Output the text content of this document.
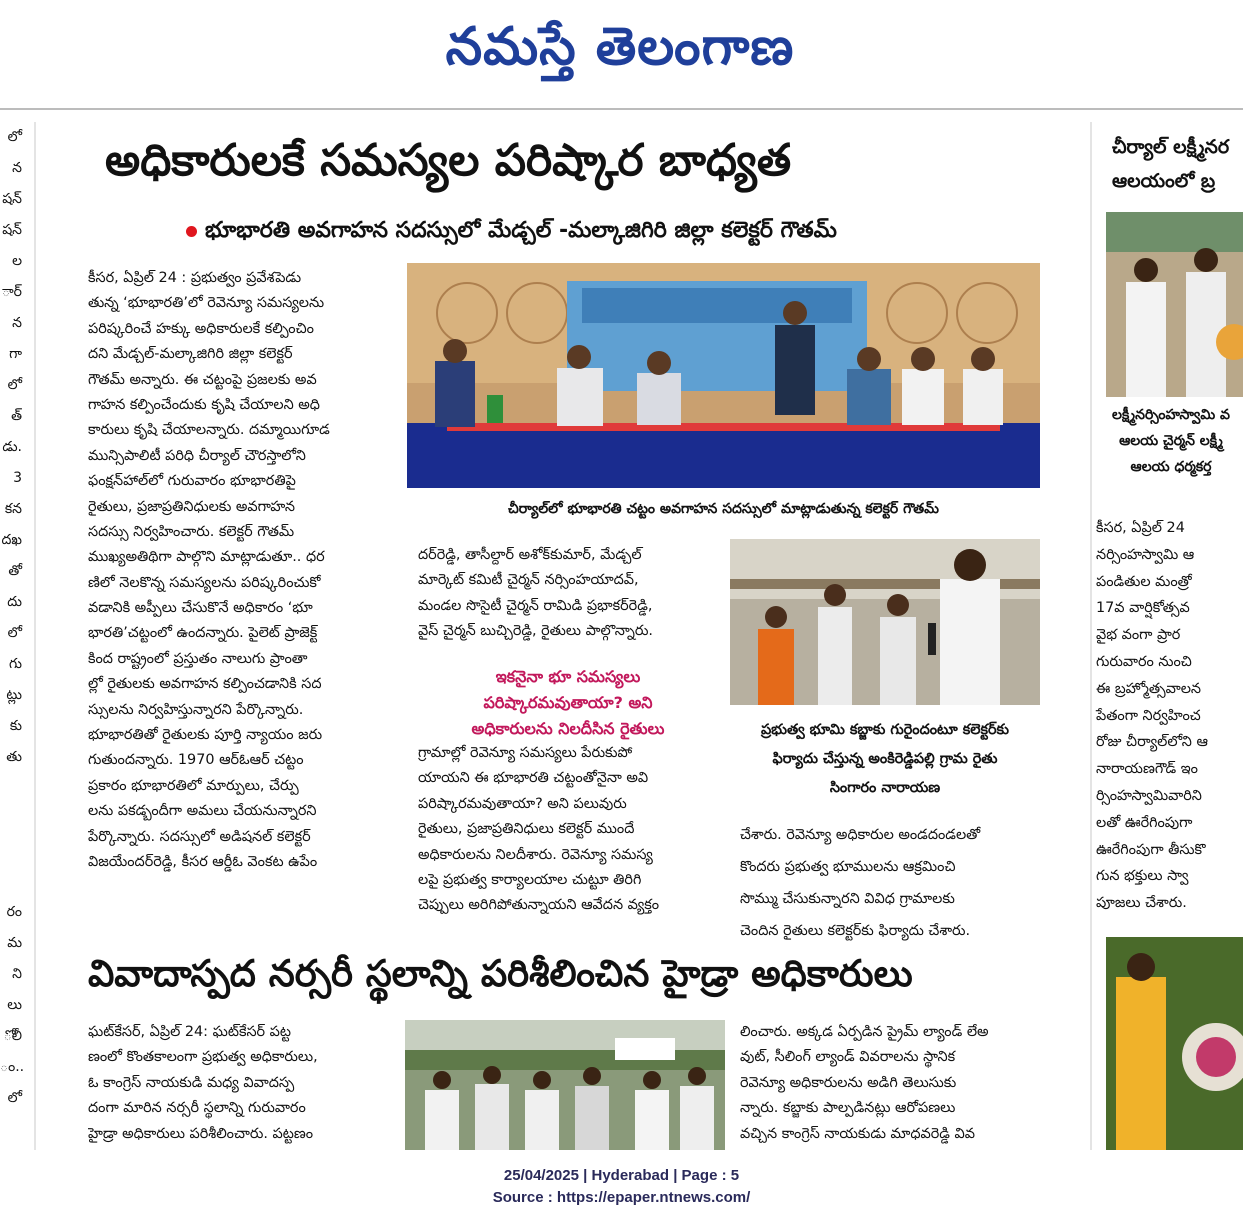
నమస్తే తెలంగాణ
లో
న
షన్
షన్
ల
ార్
న
గా
లో
త్
డు.
3
కన
దఖ
తో
దు
లో
గు
ట్లు
కు
తు
రం
మ
ని
లు
ోలీ
ం..
లో
అధికారులకే సమస్యల పరిష్కార బాధ్యత
భూభారతి అవగాహన సదస్సులో మేడ్చల్ -మల్కాజిగిరి జిల్లా కలెక్టర్ గౌతమ్
కీసర, ఏప్రిల్ 24 : ప్రభుత్వం ప్రవేశపెడు
తున్న ‘భూభారతి’లో రెవెన్యూ సమస్యలను
పరిష్కరించే హక్కు అధికారులకే కల్పించిం
దని మేడ్చల్-మల్కాజిగిరి జిల్లా కలెక్టర్
గౌతమ్ అన్నారు. ఈ చట్టంపై ప్రజలకు అవ
గాహన కల్పించేందుకు కృషి చేయాలని అధి
కారులు కృషి చేయాలన్నారు. దమ్మాయిగూడ
మున్సిపాలిటీ పరిధి చీర్యాల్ చౌరస్తాలోని
ఫంక్షన్‌హాల్‌లో గురువారం భూభారతిపై
రైతులు, ప్రజాప్రతినిధులకు అవగాహన
సదస్సు నిర్వహించారు. కలెక్టర్ గౌతమ్
ముఖ్యఅతిథిగా పాల్గొని మాట్లాడుతూ.. ధర
ణిలో నెలకొన్న సమస్యలను పరిష్కరించుకో
వడానికి అప్పీలు చేసుకొనే అధికారం ‘భూ
భారతి’చట్టంలో ఉందన్నారు. పైలెట్ ప్రాజెక్ట్
కింద రాష్ట్రంలో ప్రస్తుతం నాలుగు ప్రాంతా
ల్లో రైతులకు అవగాహన కల్పించడానికి సద
స్సులను నిర్వహిస్తున్నారని పేర్కొన్నారు.
భూభారతితో రైతులకు పూర్తి న్యాయం జరు
గుతుందన్నారు. 1970 ఆర్ఓఆర్ చట్టం
ప్రకారం భూభారతిలో మార్పులు, చేర్పు
లను పకడ్బందీగా అమలు చేయనున్నారని
పేర్కొన్నారు. సదస్సులో అడిషనల్ కలెక్టర్
విజయేందర్‌రెడ్డి, కీసర ఆర్డీఓ వెంకట ఉపేం
చీర్యాల్‌లో భూభారతి చట్టం అవగాహన సదస్సులో మాట్లాడుతున్న కలెక్టర్ గౌతమ్
దర్‌రెడ్డి, తాసీల్దార్ అశోక్‌కుమార్, మేడ్చల్
మార్కెట్ కమిటీ చైర్మన్ నర్సింహయాదవ్,
మండల సొసైటీ చైర్మన్ రామిడి ప్రభాకర్‌రెడ్డి,
వైస్ చైర్మన్ బుచ్చిరెడ్డి, రైతులు పాల్గొన్నారు.
ఇకనైనా భూ సమస్యలు
పరిష్కారమవుతాయా? అని
అధికారులను నిలదీసిన రైతులు
గ్రామాల్లో రెవెన్యూ సమస్యలు పేరుకుపో
యాయని ఈ భూభారతి చట్టంతోనైనా అవి
పరిష్కారమవుతాయా? అని పలువురు
రైతులు, ప్రజాప్రతినిధులు కలెక్టర్ ముందే
అధికారులను నిలదీశారు. రెవెన్యూ సమస్య
లపై ప్రభుత్వ కార్యాలయాల చుట్టూ తిరిగి
చెప్పులు అరిగిపోతున్నాయని ఆవేదన వ్యక్తం
ప్రభుత్వ భూమి కబ్జాకు గురైందంటూ కలెక్టర్‌కు
ఫిర్యాదు చేస్తున్న అంకిరెడ్డిపల్లి గ్రామ రైతు
సింగారం నారాయణ
చేశారు. రెవెన్యూ అధికారుల అండదండలతో
కొందరు ప్రభుత్వ భూములను ఆక్రమించి
సొమ్ము చేసుకున్నారని వివిధ గ్రామాలకు
చెందిన రైతులు కలెక్టర్‌కు ఫిర్యాదు చేశారు.
వివాదాస్పద నర్సరీ స్థలాన్ని పరిశీలించిన హైడ్రా అధికారులు
ఘట్‌కేసర్, ఏప్రిల్ 24: ఘట్‌కేసర్ పట్ట
ణంలో కొంతకాలంగా ప్రభుత్వ అధికారులు,
ఓ కాంగ్రెస్ నాయకుడి మధ్య వివాదస్ప
దంగా మారిన నర్సరీ స్థలాన్ని గురువారం
హైడ్రా అధికారులు పరిశీలించారు. పట్టణం
లించారు. అక్కడ ఏర్పడిన ప్రైమ్ ల్యాండ్ లేఅ
వుట్, సీలింగ్ ల్యాండ్ వివరాలను స్థానిక
రెవెన్యూ అధికారులను అడిగి తెలుసుకు
న్నారు. కబ్జాకు పాల్పడినట్లు ఆరోపణలు
వచ్చిన కాంగ్రెస్ నాయకుడు మాధవరెడ్డి వివ
చీర్యాల్ లక్ష్మీనర
ఆలయంలో బ్ర
లక్ష్మీనర్సింహస్వామి వ
ఆలయ చైర్మన్ లక్ష్మీ
ఆలయ ధర్మకర్త
కీసర, ఏప్రిల్ 24
నర్సింహస్వామి ఆ
పండితుల మంత్రో
17వ వార్షికోత్సవ
వైభ వంగా ప్రార
గురువారం నుంచి
ఈ బ్రహ్మోత్సవాలన
పేతంగా నిర్వహించ
రోజు చీర్యాల్‌లోని ఆ
నారాయణగౌడ్ ఇం
ర్సింహస్వామివారిని
లతో ఊరేగింపుగా
ఊరేగింపుగా తీసుకొ
గున భక్తులు స్వా
పూజలు చేశారు.
25/04/2025 | Hyderabad | Page : 5
Source : https://epaper.ntnews.com/
